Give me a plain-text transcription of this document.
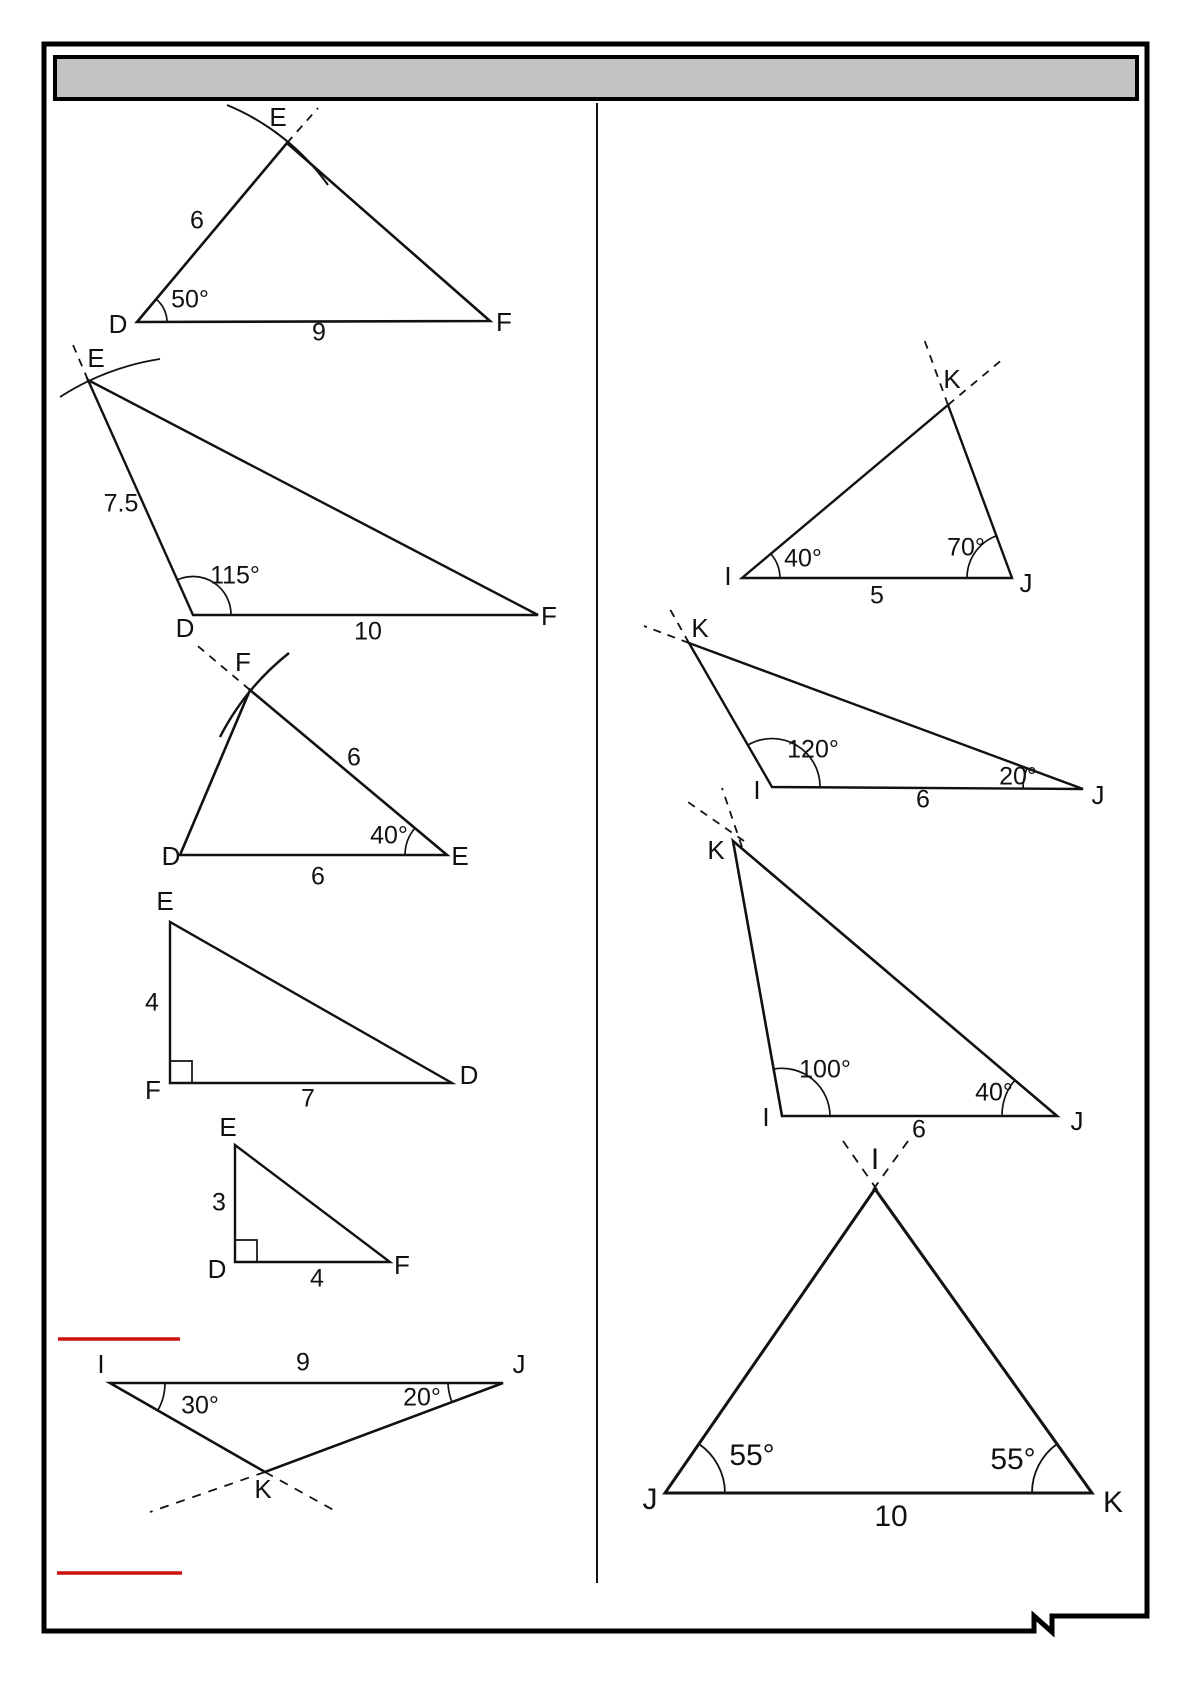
E
6
50°
D	9	F
E
7.5
115°
D	10
F
F
6
40°
D	E
6
E
4
F	7
D
E
3
D	4	F
I	9	J
30°	20°
K
K
40°	70°
I
5	J
K
120°
20°
I	6	J
K
100°
40°
I	6	J
I
55°	55°
J
10	K
